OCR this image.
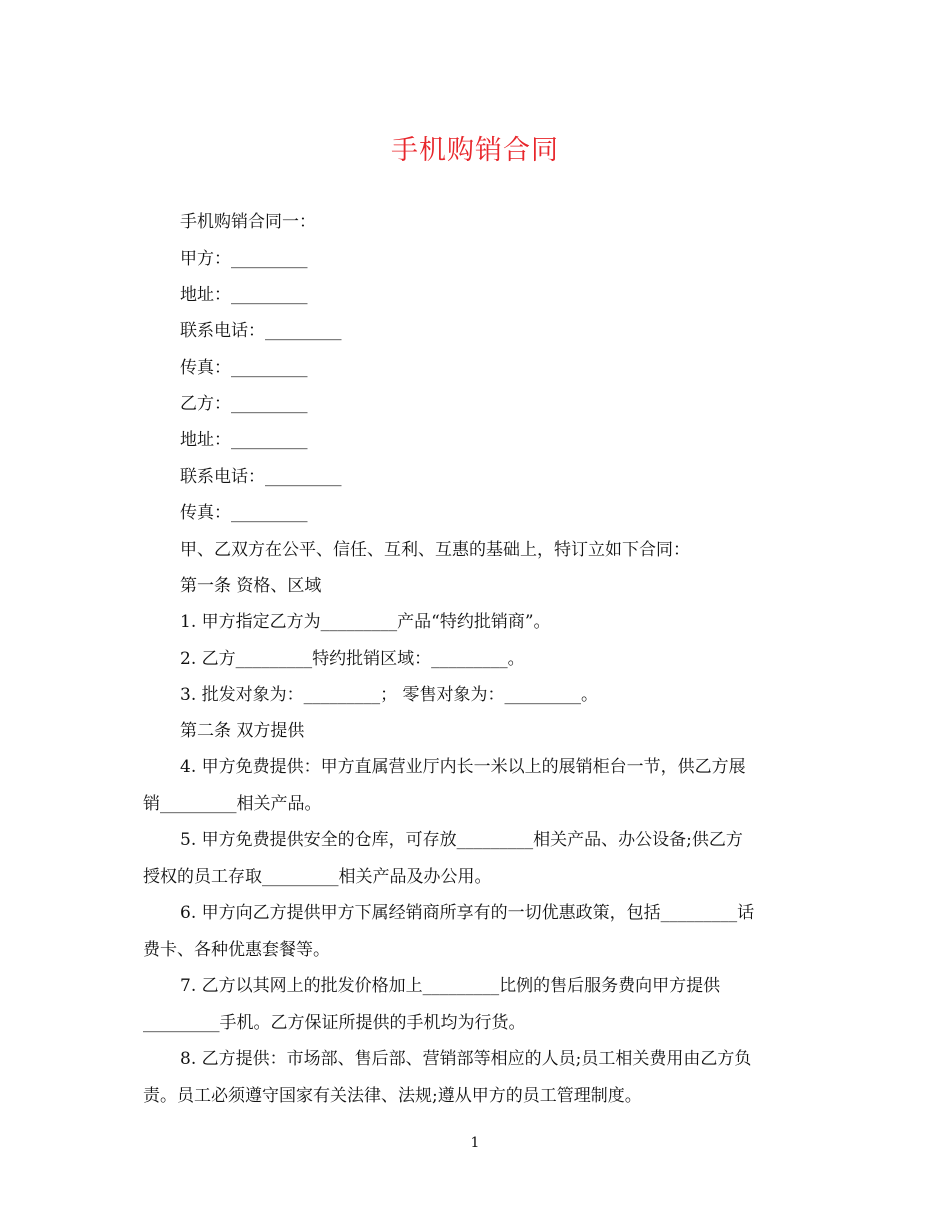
手机购销合同
手机购销合同一：
甲方：_________
地址：_________
联系电话：_________
传真：_________
乙方：_________
地址：_________
联系电话：_________
传真：_________
甲、乙双方在公平、信任、互利、互惠的基础上，特订立如下合同：
第一条 资格、区域
1. 甲方指定乙方为_________产品“特约批销商”。
2. 乙方_________特约批销区域：_________。
3. 批发对象为：_________； 零售对象为：_________。
第二条 双方提供
4. 甲方免费提供：甲方直属营业厅内长一米以上的展销柜台一节，供乙方展
销_________相关产品。
5. 甲方免费提供安全的仓库，可存放_________相关产品、办公设备;供乙方
授权的员工存取_________相关产品及办公用。
6. 甲方向乙方提供甲方下属经销商所享有的一切优惠政策，包括_________话
费卡、各种优惠套餐等。
7. 乙方以其网上的批发价格加上_________比例的售后服务费向甲方提供
_________手机。乙方保证所提供的手机均为行货。
8. 乙方提供：市场部、售后部、营销部等相应的人员;员工相关费用由乙方负
责。员工必须遵守国家有关法律、法规;遵从甲方的员工管理制度。
1
